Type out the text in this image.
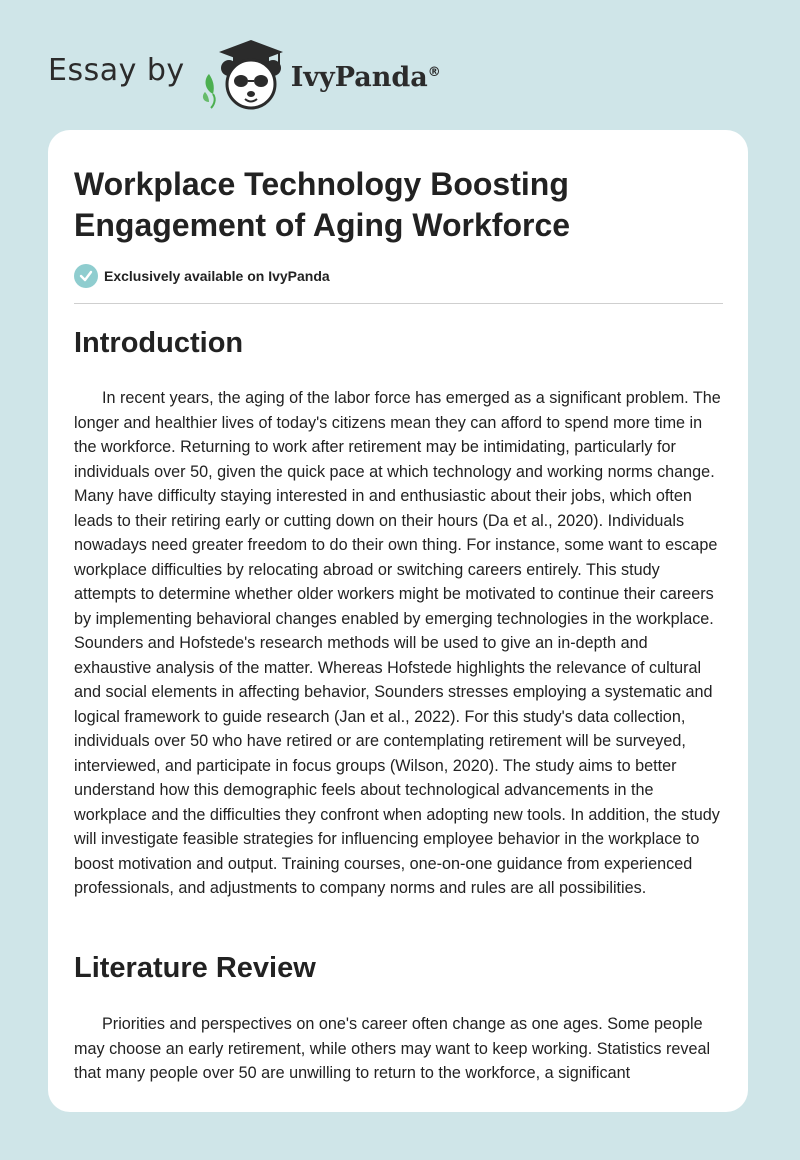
Essay by	IvyPanda®
Workplace Technology Boosting Engagement of Aging Workforce
Exclusively available on IvyPanda
Introduction

In recent years, the aging of the labor force has emerged as a significant problem. The longer and healthier lives of today's citizens mean they can afford to spend more time in the workforce. Returning to work after retirement may be intimidating, particularly for individuals over 50, given the quick pace at which technology and working norms change. Many have difficulty staying interested in and enthusiastic about their jobs, which often leads to their retiring early or cutting down on their hours (Da et al., 2020). Individuals nowadays need greater freedom to do their own thing. For instance, some want to escape workplace difficulties by relocating abroad or switching careers entirely. This study attempts to determine whether older workers might be motivated to continue their careers by implementing behavioral changes enabled by emerging technologies in the workplace. Sounders and Hofstede's research methods will be used to give an in-depth and exhaustive analysis of the matter. Whereas Hofstede highlights the relevance of cultural and social elements in affecting behavior, Sounders stresses employing a systematic and logical framework to guide research (Jan et al., 2022). For this study's data collection, individuals over 50 who have retired or are contemplating retirement will be surveyed, interviewed, and participate in focus groups (Wilson, 2020). The study aims to better understand how this demographic feels about technological advancements in the workplace and the difficulties they confront when adopting new tools. In addition, the study will investigate feasible strategies for influencing employee behavior in the workplace to boost motivation and output. Training courses, one-on-one guidance from experienced professionals, and adjustments to company norms and rules are all possibilities.

Literature Review

Priorities and perspectives on one's career often change as one ages. Some people may choose an early retirement, while others may want to keep working. Statistics reveal that many people over 50 are unwilling to return to the workforce, a significant
